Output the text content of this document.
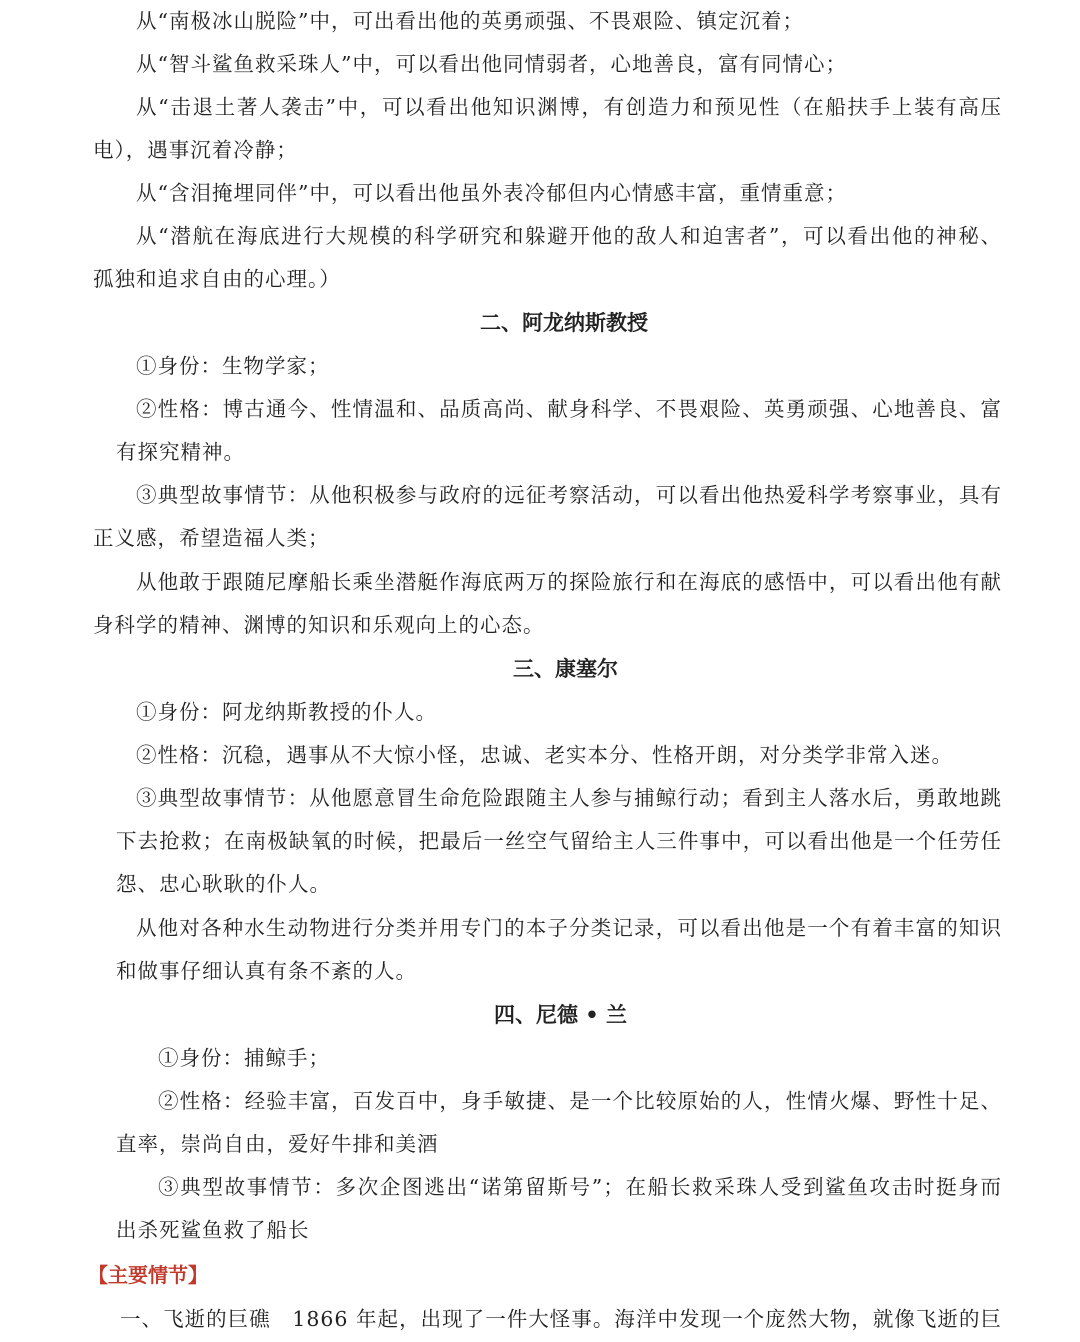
从“南极冰山脱险”中，可出看出他的英勇顽强、不畏艰险、镇定沉着；
从“智斗鲨鱼救采珠人”中，可以看出他同情弱者，心地善良，富有同情心；
从“击退土著人袭击”中，可以看出他知识渊博，有创造力和预见性（在船扶手上装有高压
电），遇事沉着冷静；
从“含泪掩埋同伴”中，可以看出他虽外表冷郁但内心情感丰富，重情重意；
从“潜航在海底进行大规模的科学研究和躲避开他的敌人和迫害者”，可以看出他的神秘、
孤独和追求自由的心理。）
二、阿龙纳斯教授
①身份：生物学家；
②性格：博古通今、性情温和、品质高尚、献身科学、不畏艰险、英勇顽强、心地善良、富
有探究精神。
③典型故事情节：从他积极参与政府的远征考察活动，可以看出他热爱科学考察事业，具有
正义感，希望造福人类；
从他敢于跟随尼摩船长乘坐潜艇作海底两万的探险旅行和在海底的感悟中，可以看出他有献
身科学的精神、渊博的知识和乐观向上的心态。
三、康塞尔
①身份：阿龙纳斯教授的仆人。
②性格：沉稳，遇事从不大惊小怪，忠诚、老实本分、性格开朗，对分类学非常入迷。
③典型故事情节：从他愿意冒生命危险跟随主人参与捕鲸行动；看到主人落水后，勇敢地跳
下去抢救；在南极缺氧的时候，把最后一丝空气留给主人三件事中，可以看出他是一个任劳任
怨、忠心耿耿的仆人。
从他对各种水生动物进行分类并用专门的本子分类记录，可以看出他是一个有着丰富的知识
和做事仔细认真有条不紊的人。
四、尼德 • 兰
①身份：捕鲸手；
②性格：经验丰富，百发百中，身手敏捷、是一个比较原始的人，性情火爆、野性十足、
直率，崇尚自由，爱好牛排和美酒
③典型故事情节：多次企图逃出“诺第留斯号”；在船长救采珠人受到鲨鱼攻击时挺身而
出杀死鲨鱼救了船长
【主要情节】
一、飞逝的巨礁　1866 年起，出现了一件大怪事。海洋中发现一个庞然大物，就像飞逝的巨
